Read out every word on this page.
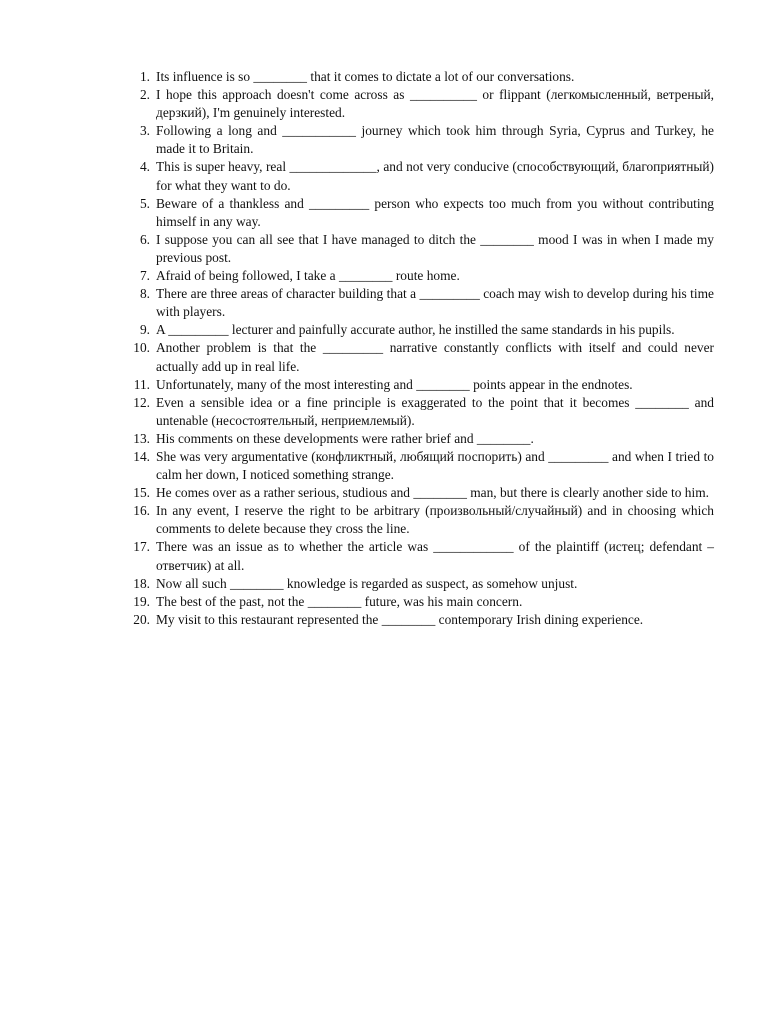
1. Its influence is so ________ that it comes to dictate a lot of our conversations.
2. I hope this approach doesn't come across as __________ or flippant (легкомысленный, ветреный, дерзкий), I'm genuinely interested.
3. Following a long and ___________ journey which took him through Syria, Cyprus and Turkey, he made it to Britain.
4. This is super heavy, real _____________, and not very conducive (способствующий, благоприятный) for what they want to do.
5. Beware of a thankless and _________ person who expects too much from you without contributing himself in any way.
6. I suppose you can all see that I have managed to ditch the ________ mood I was in when I made my previous post.
7. Afraid of being followed, I take a ________ route home.
8. There are three areas of character building that a _________ coach may wish to develop during his time with players.
9. A _________ lecturer and painfully accurate author, he instilled the same standards in his pupils.
10. Another problem is that the _________ narrative constantly conflicts with itself and could never actually add up in real life.
11. Unfortunately, many of the most interesting and ________ points appear in the endnotes.
12. Even a sensible idea or a fine principle is exaggerated to the point that it becomes ________ and untenable (несостоятельный, неприемлемый).
13. His comments on these developments were rather brief and ________.
14. She was very argumentative (конфликтный, любящий поспорить) and _________ and when I tried to calm her down, I noticed something strange.
15. He comes over as a rather serious, studious and ________ man, but there is clearly another side to him.
16. In any event, I reserve the right to be arbitrary (произвольный/случайный) and in choosing which comments to delete because they cross the line.
17. There was an issue as to whether the article was ____________ of the plaintiff (истец; defendant – ответчик) at all.
18. Now all such ________ knowledge is regarded as suspect, as somehow unjust.
19. The best of the past, not the ________ future, was his main concern.
20. My visit to this restaurant represented the ________ contemporary Irish dining experience.
